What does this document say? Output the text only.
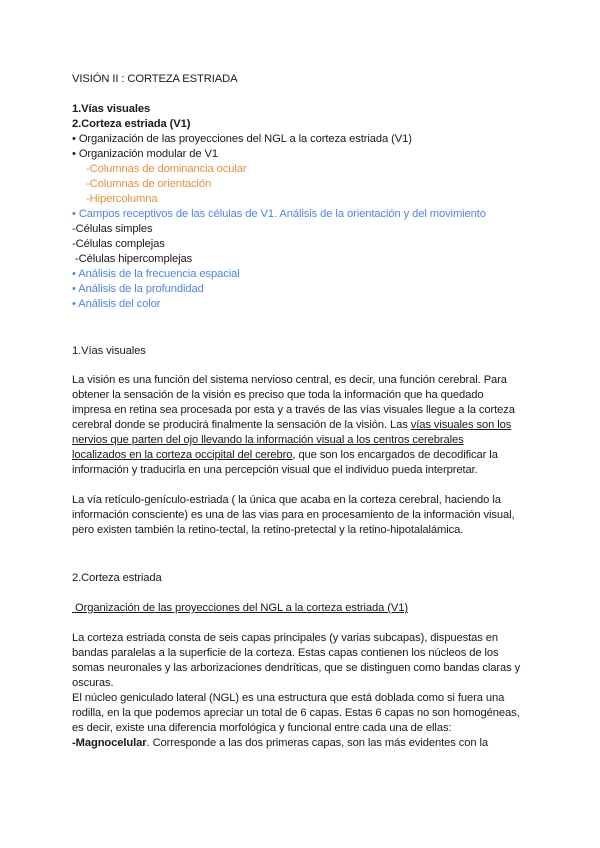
VISIÓN II : CORTEZA ESTRIADA
1.Vías visuales
2.Corteza estriada (V1)
• Organización de las proyecciones del NGL a la corteza estriada (V1)
• Organización modular de V1
-Columnas de dominancia ocular
-Columnas de orientación
-Hipercolumna
• Campos receptivos de las células de V1. Análisis de la orientación y del movimiento
-Células simples
-Células complejas
-Células hipercomplejas
• Análisis de la frecuencia espacial
• Análisis de la profundidad
• Análisis del color
1.Vías visuales
La visión es una función del sistema nervioso central, es decir, una función cerebral. Para
obtener la sensación de la visión es preciso que toda la información que ha quedado
impresa en retina sea procesada por esta y a través de las vías visuales llegue a la corteza
cerebral donde se producirá finalmente la sensación de la visión. Las vías visuales son los
nervios que parten del ojo llevando la información visual a los centros cerebrales
localizados en la corteza occipital del cerebro, que son los encargados de decodificar la
información y traducirla en una percepción visual que el individuo pueda interpretar.
La vía retículo-genículo-estriada ( la única que acaba en la corteza cerebral, haciendo la
información consciente) es una de las vias para en procesamiento de la información visual,
pero existen también la retino-tectal, la retino-pretectal y la retino-hipotalalámica.
2.Corteza estriada
Organización de las proyecciones del NGL a la corteza estriada (V1)
La corteza estriada consta de seis capas principales (y varias subcapas), dispuestas en
bandas paralelas a la superficie de la corteza. Estas capas contienen los núcleos de los
somas neuronales y las arborizaciones dendríticas, que se distinguen como bandas claras y
oscuras.
El núcleo geniculado lateral (NGL) es una estructura que está doblada como si fuera una
rodilla, en la que podemos apreciar un total de 6 capas. Estas 6 capas no son homogéneas,
es decir, existe una diferencia morfológica y funcional entre cada una de ellas:
-Magnocelular. Corresponde a las dos primeras capas, son las más evidentes con la
